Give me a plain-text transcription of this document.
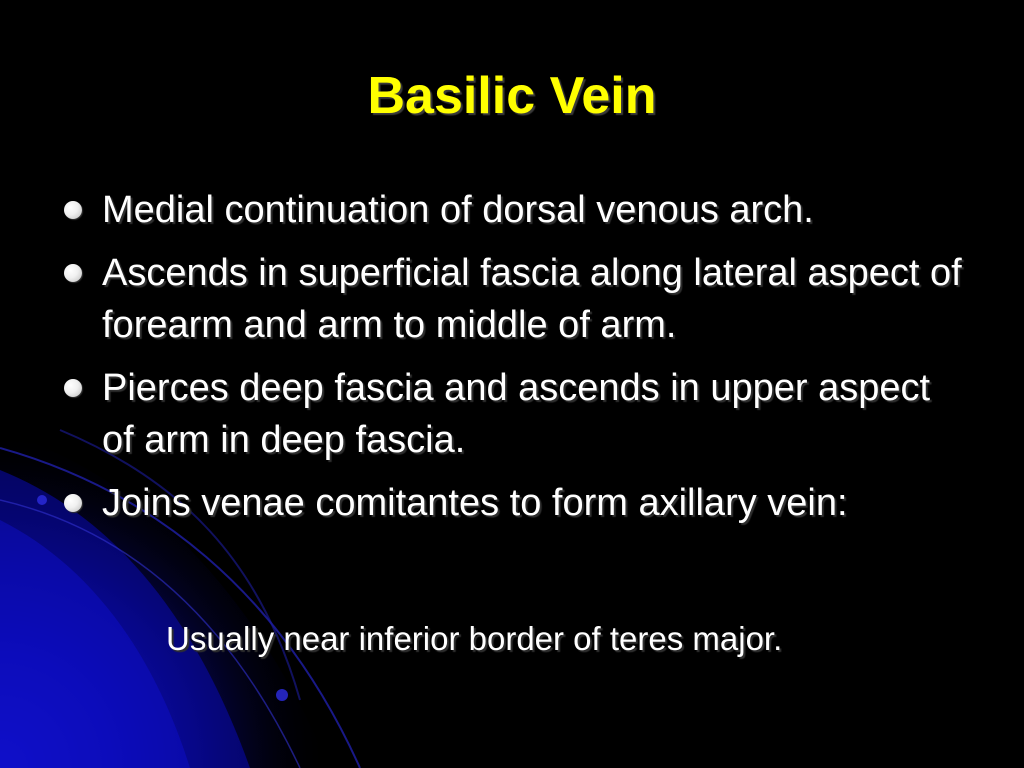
Basilic Vein
Medial continuation of dorsal venous arch.
Ascends in superficial fascia along lateral aspect of forearm and arm to middle of arm.
Pierces deep fascia and ascends in upper aspect of arm in deep fascia.
Joins venae comitantes to form axillary vein:

Usually near inferior border of teres major.
